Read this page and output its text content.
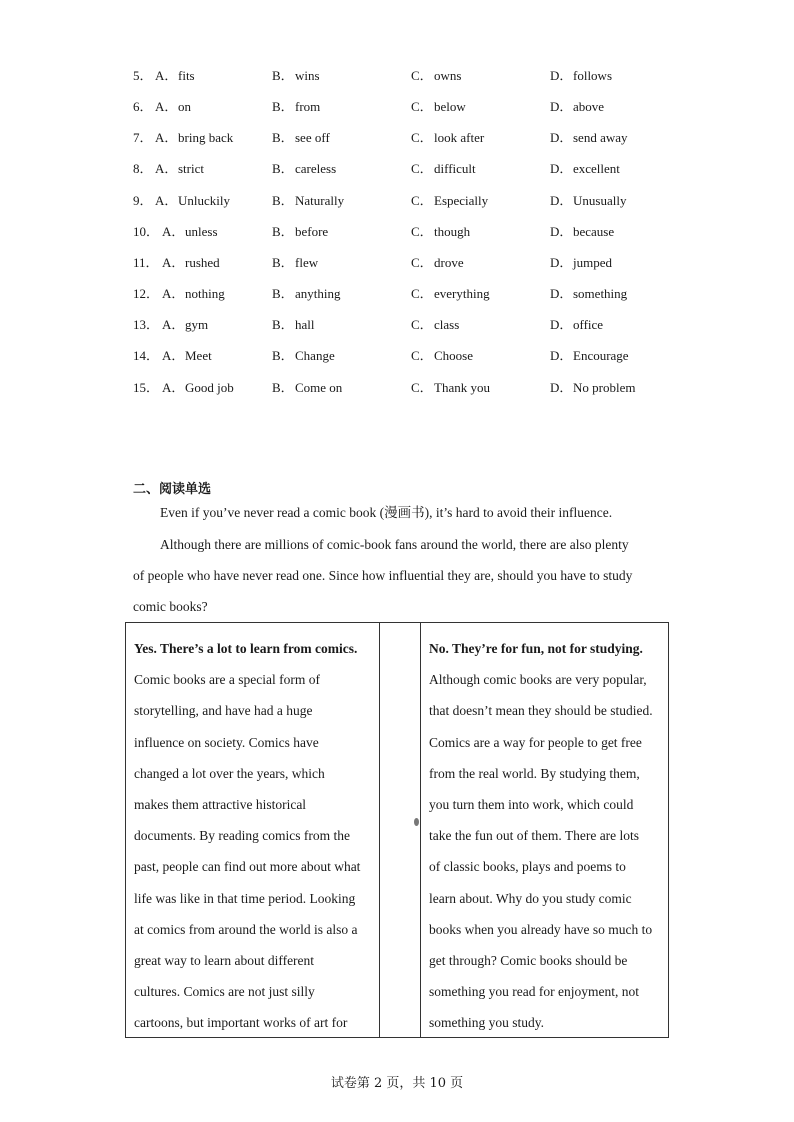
5． A．fits	B．wins	C．owns	D．follows
6． A．on	B．from	C．below	D．above
7． A．bring back	B．see off	C．look after	D．send away
8． A．strict	B．careless	C．difficult	D．excellent
9． A．Unluckily	B．Naturally	C．Especially	D．Unusually
10． A．unless	B．before	C．though	D．because
11． A．rushed	B．flew	C．drove	D．jumped
12． A．nothing	B．anything	C．everything	D．something
13． A．gym	B．hall	C．class	D．office
14． A．Meet	B．Change	C．Choose	D．Encourage
15． A．Good job	B．Come on	C．Thank you	D．No problem
二、阅读单选
Even if you’ve never read a comic book (漫画书), it’s hard to avoid their influence.
Although there are millions of comic-book fans around the world, there are also plenty
of people who have never read one. Since how influential they are, should you have to study
comic books?
Yes. There’s a lot to learn from comics.
Comic books are a special form of
storytelling, and have had a huge
influence on society. Comics have
changed a lot over the years, which
makes them attractive historical
documents. By reading comics from the
past, people can find out more about what
life was like in that time period. Looking
at comics from around the world is also a
great way to learn about different
cultures. Comics are not just silly
cartoons, but important works of art for
No. They’re for fun, not for studying.
Although comic books are very popular,
that doesn’t mean they should be studied.
Comics are a way for people to get free
from the real world. By studying them,
you turn them into work, which could
take the fun out of them. There are lots
of classic books, plays and poems to
learn about. Why do you study comic
books when you already have so much to
get through? Comic books should be
something you read for enjoyment, not
something you study.
试卷第 2 页，共 10 页
